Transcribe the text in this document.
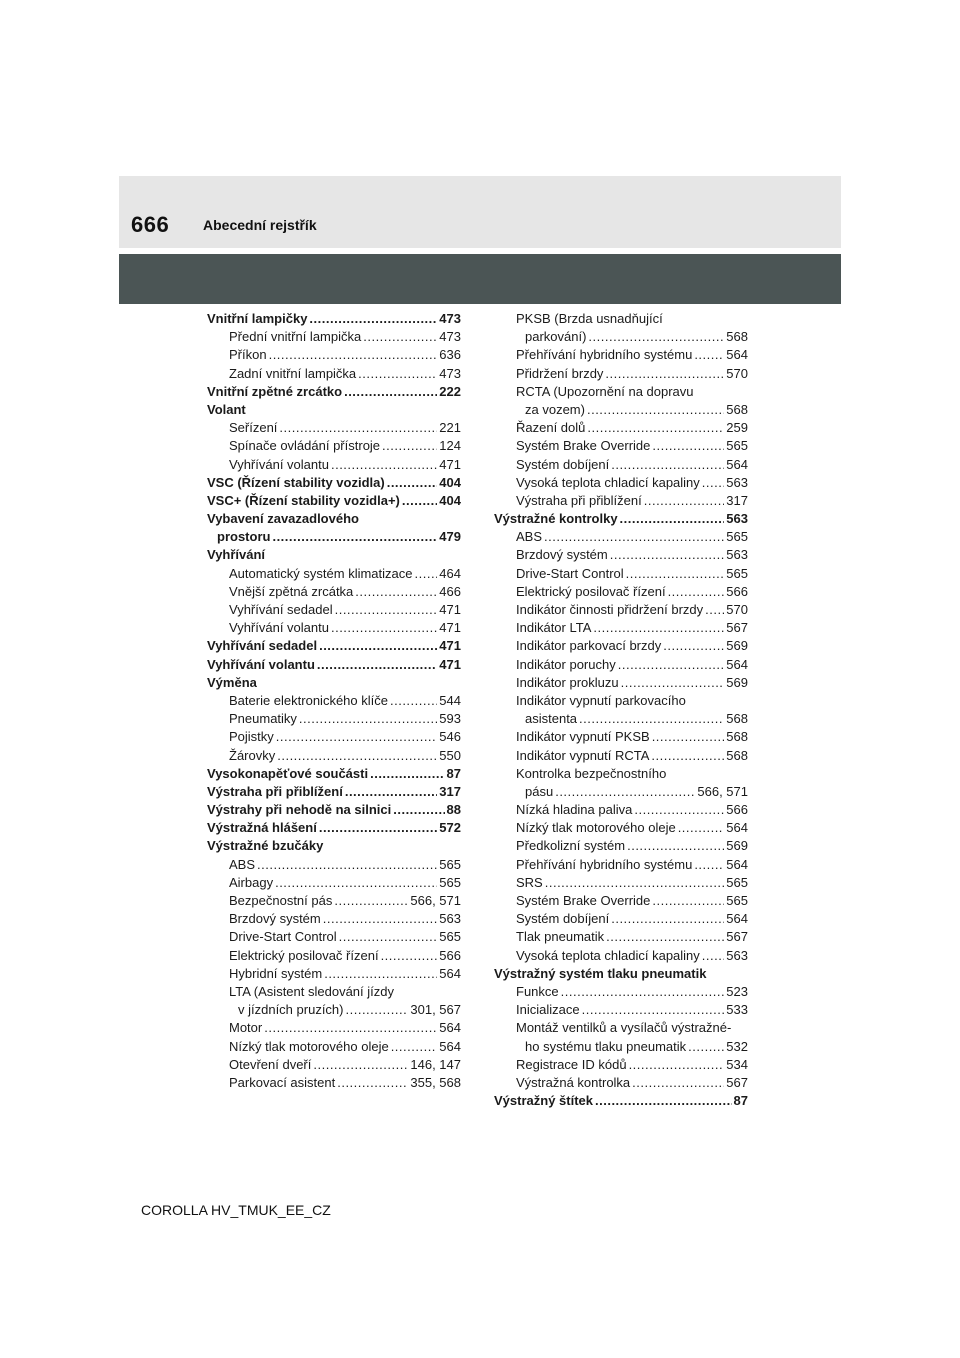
666 Abecední rejstřík
Vnitřní lampičky .....	473
Přední vnitřní lampička .....	473
Příkon .....	636
Zadní vnitřní lampička .....	473
Vnitřní zpětné zrcátko .....	222
Volant
Seřízení .....	221
Spínače ovládání přístroje .....	124
Vyhřívání volantu .....	471
VSC (Řízení stability vozidla) .....	404
VSC+ (Řízení stability vozidla+) .....	404
Vybavení zavazadlového
prostoru .....	479
Vyhřívání
Automatický systém klimatizace ..... 464
Vnější zpětná zrcátka .....	466
Vyhřívání sedadel .....	471
Vyhřívání volantu .....	471
Vyhřívání sedadel .....	471
Vyhřívání volantu .....	471
Výměna
Baterie elektronického klíče .....	544
Pneumatiky .....	593
Pojistky .....	546
Žárovky .....	550
Vysokonapěťové součásti .....	87
Výstraha při přiblížení .....	317
Výstrahy při nehodě na silnici .....	88
Výstražná hlášení .....	572
Výstražné bzučáky
ABS .....	565
Airbagy .....	565
Bezpečnostní pás .....	566, 571
Brzdový systém .....	563
Drive-Start Control .....	565
Elektrický posilovač řízení .....	566
Hybridní systém .....	564
LTA (Asistent sledování jízdy
v jízdních pruzích) .....	301, 567
Motor .....	564
Nízký tlak motorového oleje .....	564
Otevření dveří .....	146, 147
Parkovací asistent .....	355, 568
PKSB (Brzda usnadňující
parkování) .....	568
Přehřívání hybridního systému .....	564
Přidržení brzdy .....	570
RCTA (Upozornění na dopravu
za vozem) .....	568
Řazení dolů .....	259
Systém Brake Override .....	565
Systém dobíjení .....	564
Vysoká teplota chladicí kapaliny ..... 563
Výstraha při přiblížení .....	317
Výstražné kontrolky .....	563
ABS .....	565
Brzdový systém .....	563
Drive-Start Control .....	565
Elektrický posilovač řízení .....	566
Indikátor činnosti přidržení brzdy ..... 570
Indikátor LTA .....	567
Indikátor parkovací brzdy .....	569
Indikátor poruchy .....	564
Indikátor prokluzu .....	569
Indikátor vypnutí parkovacího
asistenta .....	568
Indikátor vypnutí PKSB .....	568
Indikátor vypnutí RCTA .....	568
Kontrolka bezpečnostního
pásu .....	566, 571
Nízká hladina paliva .....	566
Nízký tlak motorového oleje .....	564
Předkolizní systém .....	569
Přehřívání hybridního systému .....	564
SRS .....	565
Systém Brake Override .....	565
Systém dobíjení .....	564
Tlak pneumatik .....	567
Vysoká teplota chladicí kapaliny ..... 563
Výstražný systém tlaku pneumatik
Funkce .....	523
Inicializace .....	533
Montáž ventilků a vysílačů výstražné-
ho systému tlaku pneumatik .....	532
Registrace ID kódů .....	534
Výstražná kontrolka .....	567
Výstražný štítek .....	87
COROLLA HV_TMUK_EE_CZ
